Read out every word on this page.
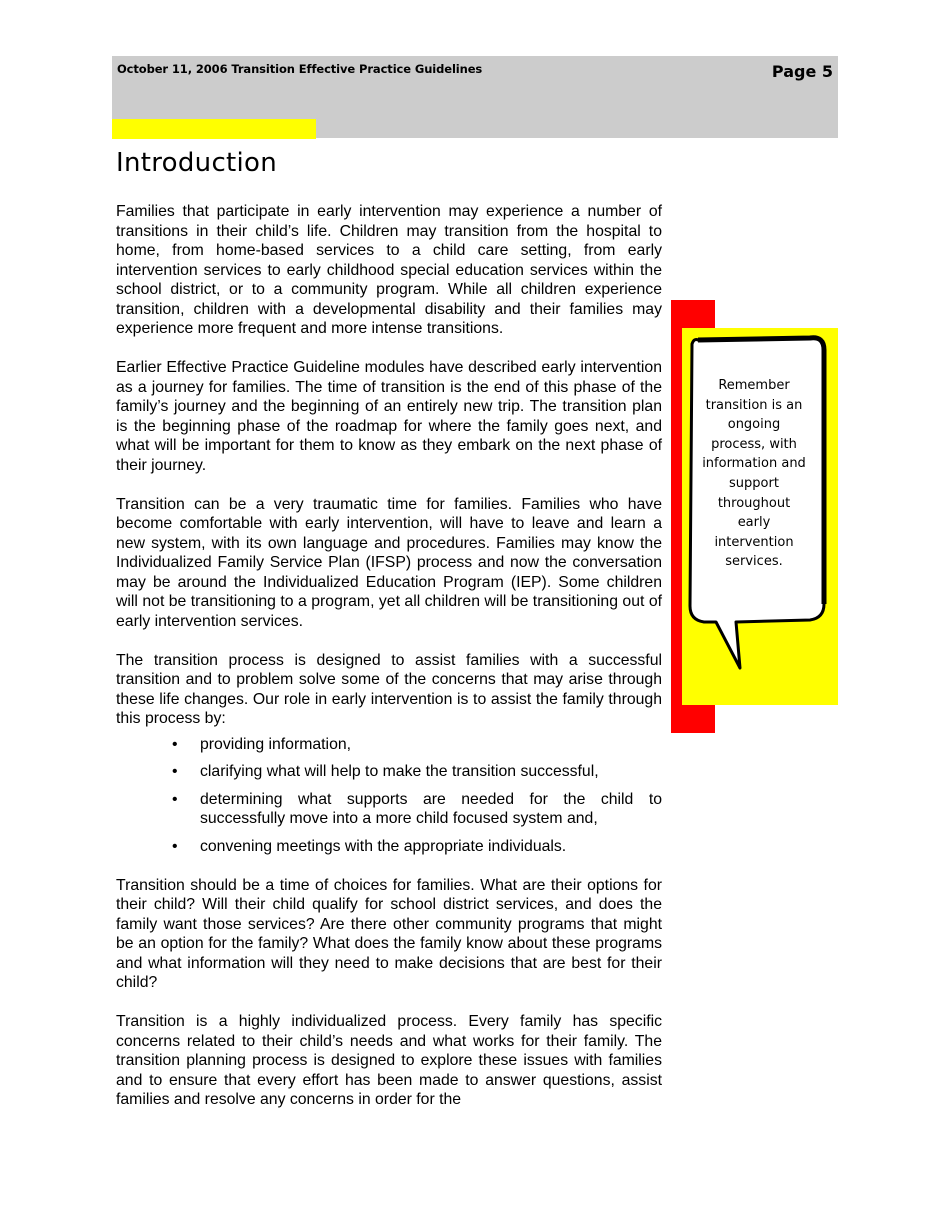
October 11, 2006 Transition Effective Practice Guidelines	Page 5
Introduction

Families that participate in early intervention may experience a number of transitions in their child’s life. Children may transition from the hospital to home, from home-based services to a child care setting, from early intervention services to early childhood special education services within the school district, or to a community program. While all children experience transition, children with a developmental disability and their families may experience more frequent and more intense transitions.

Earlier Effective Practice Guideline modules have described early intervention as a journey for families. The time of transition is the end of this phase of the family’s journey and the beginning of an entirely new trip. The transition plan is the beginning phase of the roadmap for where the family goes next, and what will be important for them to know as they embark on the next phase of their journey.

Transition can be a very traumatic time for families. Families who have become comfortable with early intervention, will have to leave and learn a new system, with its own language and procedures. Families may know the Individualized Family Service Plan (IFSP) process and now the conversation may be around the Individualized Education Program (IEP). Some children will not be transitioning to a program, yet all children will be transitioning out of early intervention services.

The transition process is designed to assist families with a successful transition and to problem solve some of the concerns that may arise through these life changes. Our role in early intervention is to assist the family through this process by:

• providing information,
• clarifying what will help to make the transition successful,
• determining what supports are needed for the child to successfully move into a more child focused system and,
• convening meetings with the appropriate individuals.

Transition should be a time of choices for families. What are their options for their child? Will their child qualify for school district services, and does the family want those services? Are there other community programs that might be an option for the family? What does the family know about these programs and what information will they need to make decisions that are best for their child?

Transition is a highly individualized process. Every family has specific concerns related to their child’s needs and what works for their family. The transition planning process is designed to explore these issues with families and to ensure that every effort has been made to answer questions, assist families and resolve any concerns in order for the

Remember transition is an ongoing process, with information and support throughout early intervention services.
